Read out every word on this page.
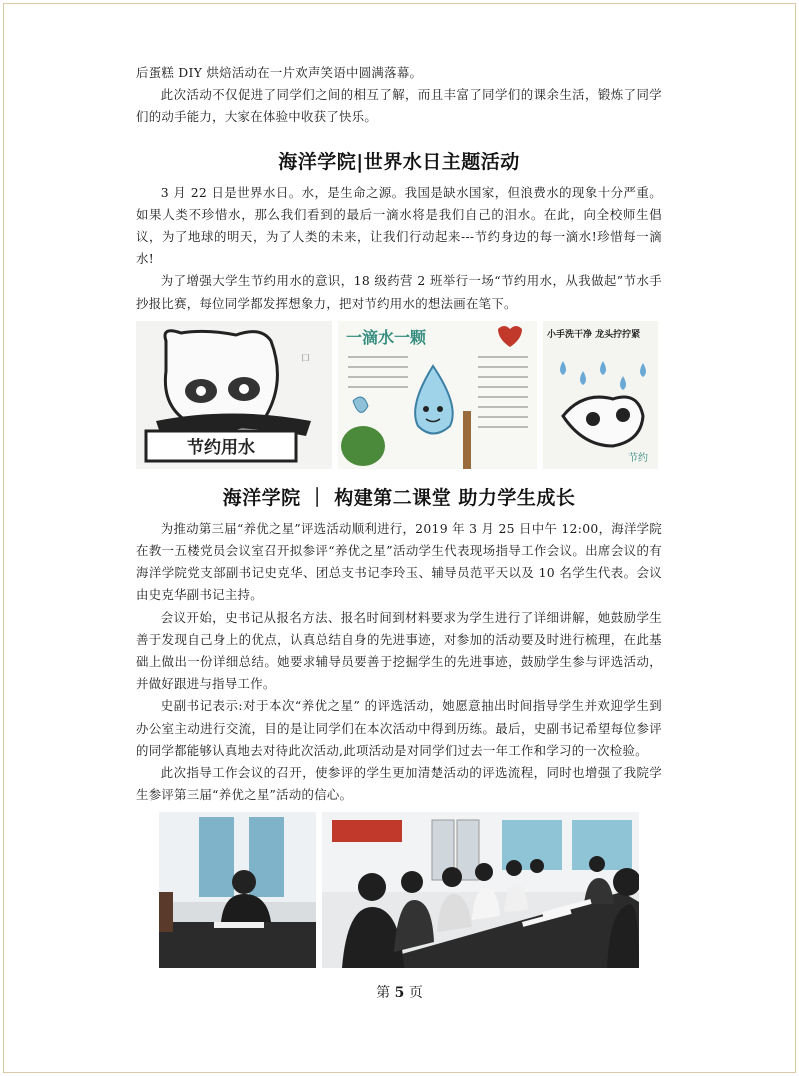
后蛋糕 DIY 烘焙活动在一片欢声笑语中圆满落幕。

此次活动不仅促进了同学们之间的相互了解，而且丰富了同学们的课余生活，锻炼了同学们的动手能力，大家在体验中收获了快乐。

海洋学院|世界水日主题活动

3 月 22 日是世界水日。水，是生命之源。我国是缺水国家，但浪费水的现象十分严重。如果人类不珍惜水，那么我们看到的最后一滴水将是我们自己的泪水。在此，向全校师生倡议，为了地球的明天，为了人类的未来，让我们行动起来---节约身边的每一滴水!珍惜每一滴水!

为了增强大学生节约用水的意识，18 级药营 2 班举行一场“节约用水，从我做起”节水手抄报比赛，每位同学都发挥想象力，把对节约用水的想法画在笔下。

节约用水
口
一滴水一颗	小手洗干净 龙头拧拧紧
节约
海洋学院 ｜ 构建第二课堂 助力学生成长

为推动第三届“养优之星”评选活动顺利进行，2019 年 3 月 25 日中午 12:00，海洋学院在教一五楼党员会议室召开拟参评“养优之星”活动学生代表现场指导工作会议。出席会议的有海洋学院党支部副书记史克华、团总支书记李玲玉、辅导员范平天以及 10 名学生代表。会议由史克华副书记主持。

会议开始，史书记从报名方法、报名时间到材料要求为学生进行了详细讲解，她鼓励学生善于发现自己身上的优点，认真总结自身的先进事迹，对参加的活动要及时进行梳理，在此基础上做出一份详细总结。她要求辅导员要善于挖掘学生的先进事迹，鼓励学生参与评选活动，并做好跟进与指导工作。

史副书记表示:对于本次“养优之星” 的评选活动，她愿意抽出时间指导学生并欢迎学生到办公室主动进行交流，目的是让同学们在本次活动中得到历练。最后，史副书记希望每位参评的同学都能够认真地去对待此次活动,此项活动是对同学们过去一年工作和学习的一次检验。

此次指导工作会议的召开，使参评的学生更加清楚活动的评选流程，同时也增强了我院学生参评第三届“养优之星”活动的信心。

第 5 页
